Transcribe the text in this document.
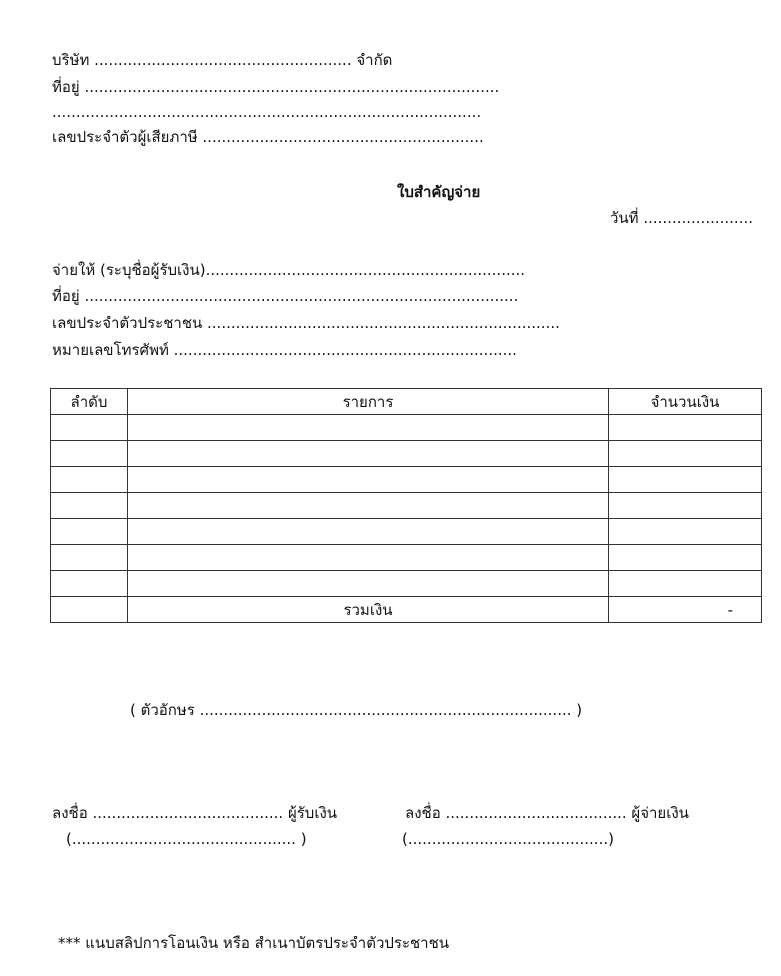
บริษัท ...................................................... จำกัด
ที่อยู่ .......................................................................................
..........................................................................................
เลขประจำตัวผู้เสียภาษี ...........................................................
ใบสำคัญจ่าย
วันที่ .......................
จ่ายให้ (ระบุชื่อผู้รับเงิน)...................................................................
ที่อยู่ ...........................................................................................
เลขประจำตัวประชาชน ..........................................................................
หมายเลขโทรศัพท์ ........................................................................
ลำดับ	รายการ	จำนวนเงิน

	รวมเงิน	-
( ตัวอักษร .............................................................................. )
ลงชื่อ ........................................ ผู้รับเงิน
(............................................... )
ลงชื่อ ...................................... ผู้จ่ายเงิน
(..........................................)
*** แนบสลิปการโอนเงิน หรือ สำเนาบัตรประจำตัวประชาชน
